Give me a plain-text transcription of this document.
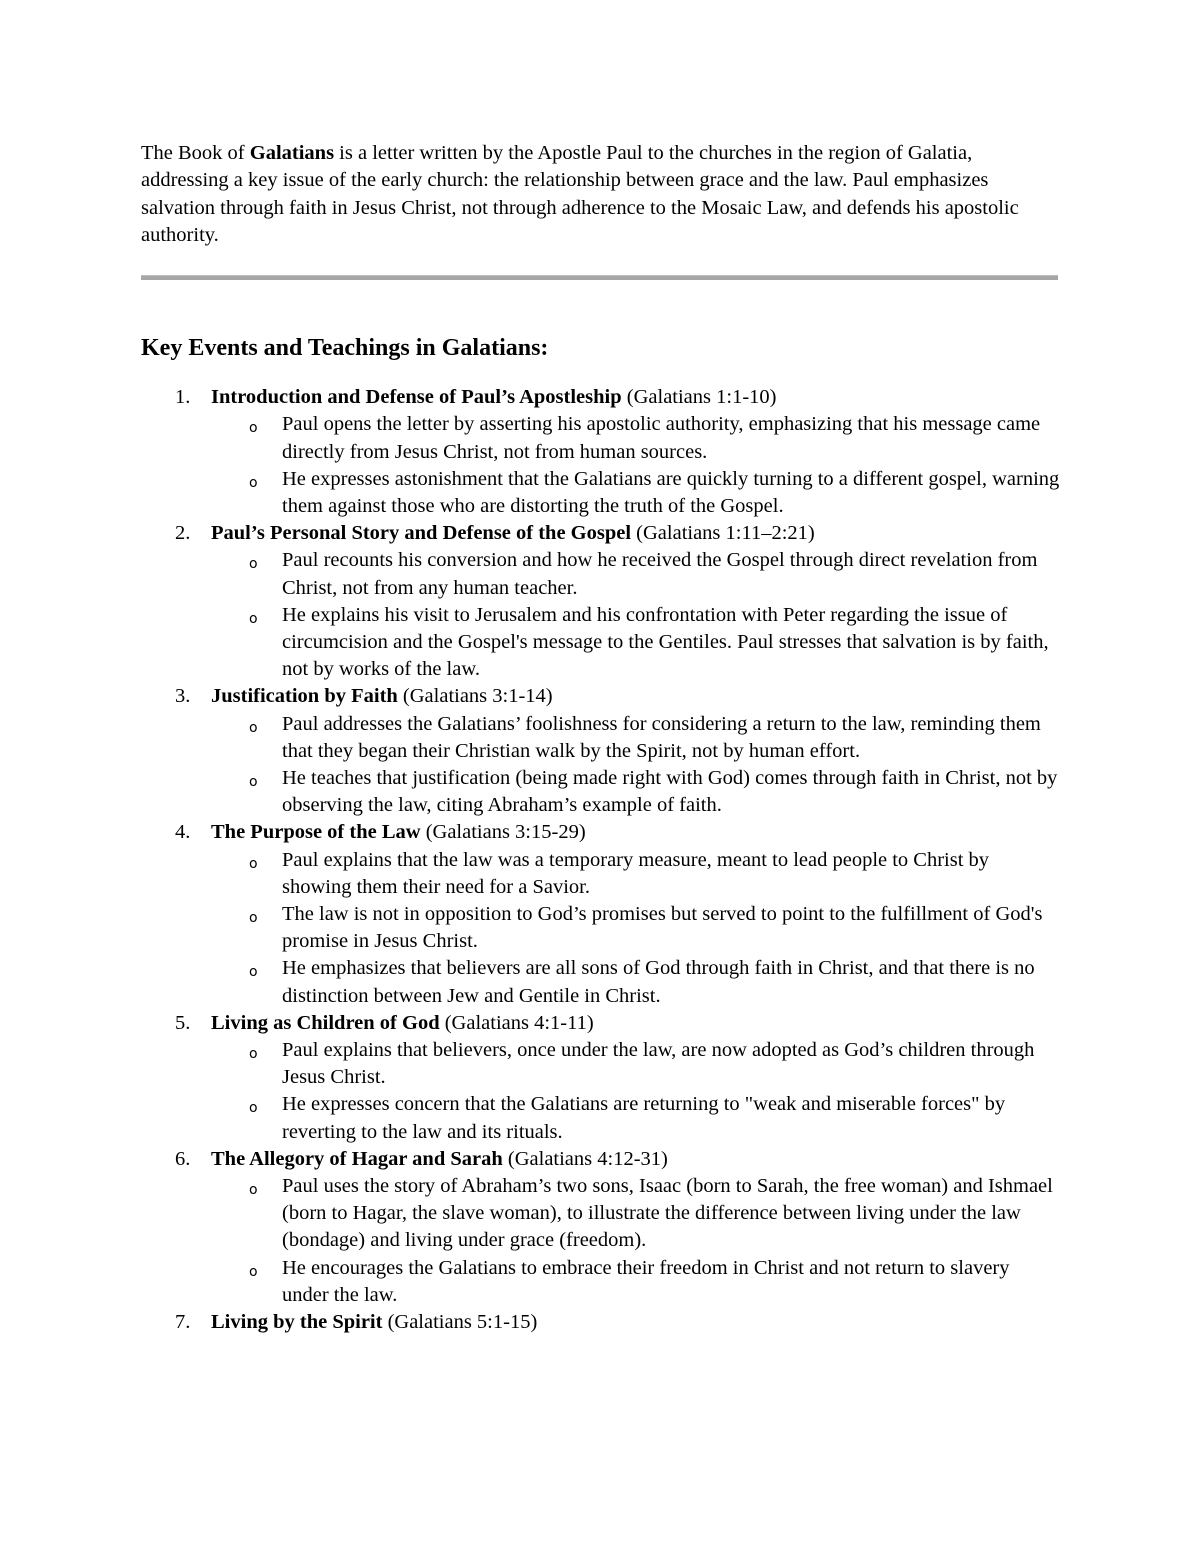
The Book of Galatians is a letter written by the Apostle Paul to the churches in the region of Galatia, addressing a key issue of the early church: the relationship between grace and the law. Paul emphasizes salvation through faith in Jesus Christ, not through adherence to the Mosaic Law, and defends his apostolic authority.

Key Events and Teachings in Galatians:
1. Introduction and Defense of Paul’s Apostleship (Galatians 1:1-10)
o Paul opens the letter by asserting his apostolic authority, emphasizing that his message came directly from Jesus Christ, not from human sources.
o He expresses astonishment that the Galatians are quickly turning to a different gospel, warning them against those who are distorting the truth of the Gospel.
2. Paul’s Personal Story and Defense of the Gospel (Galatians 1:11–2:21)
o Paul recounts his conversion and how he received the Gospel through direct revelation from Christ, not from any human teacher.
o He explains his visit to Jerusalem and his confrontation with Peter regarding the issue of circumcision and the Gospel's message to the Gentiles. Paul stresses that salvation is by faith, not by works of the law.
3. Justification by Faith (Galatians 3:1-14)
o Paul addresses the Galatians’ foolishness for considering a return to the law, reminding them that they began their Christian walk by the Spirit, not by human effort.
o He teaches that justification (being made right with God) comes through faith in Christ, not by observing the law, citing Abraham’s example of faith.
4. The Purpose of the Law (Galatians 3:15-29)
o Paul explains that the law was a temporary measure, meant to lead people to Christ by showing them their need for a Savior.
o The law is not in opposition to God’s promises but served to point to the fulfillment of God's promise in Jesus Christ.
o He emphasizes that believers are all sons of God through faith in Christ, and that there is no distinction between Jew and Gentile in Christ.
5. Living as Children of God (Galatians 4:1-11)
o Paul explains that believers, once under the law, are now adopted as God’s children through Jesus Christ.
o He expresses concern that the Galatians are returning to "weak and miserable forces" by reverting to the law and its rituals.
6. The Allegory of Hagar and Sarah (Galatians 4:12-31)
o Paul uses the story of Abraham’s two sons, Isaac (born to Sarah, the free woman) and Ishmael (born to Hagar, the slave woman), to illustrate the difference between living under the law (bondage) and living under grace (freedom).
o He encourages the Galatians to embrace their freedom in Christ and not return to slavery under the law.
7. Living by the Spirit (Galatians 5:1-15)
